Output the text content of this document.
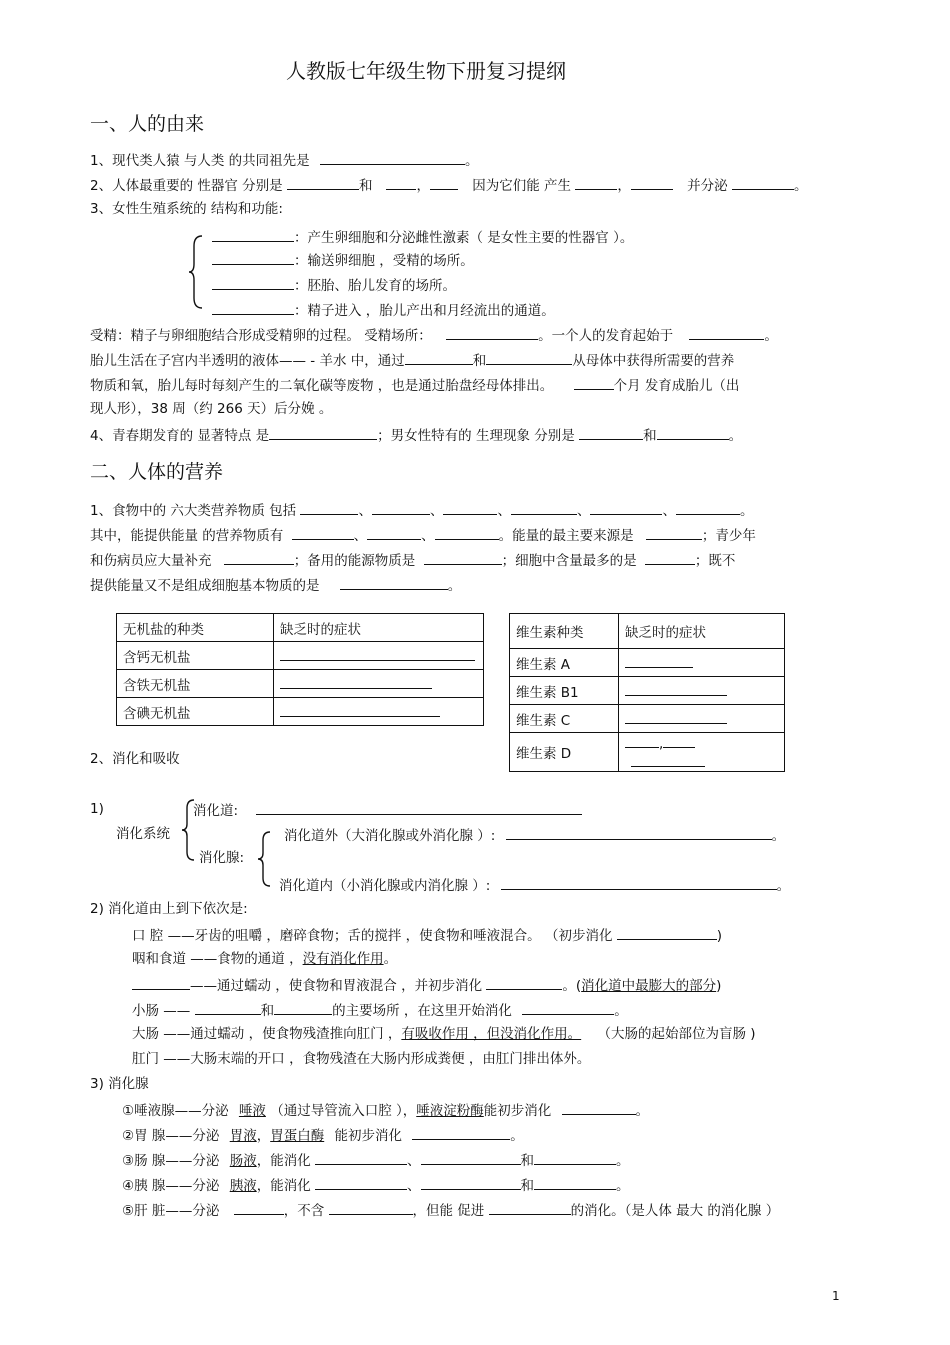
人教版七年级生物下册复习提纲
一、人的由来
1、现代类人猿 与人类 的共同祖先是	。
2、人体最重要的 性器官 分别是	和	，	因为它们能 产生	，	并分泌	。
3、女性生殖系统的 结构和功能:
：产生卵细胞和分泌雌性激素（ 是女性主要的性器官 ）。
：输送卵细胞 ，受精的场所。
：胚胎、胎儿发育的场所。
：精子进入 ，胎儿产出和月经流出的通道。
受精：精子与卵细胞结合形成受精卵的过程。 受精场所：	。一个人的发育起始于	。
胎儿生活在子宫内半透明的液体—— - 羊水 中，通过	和	从母体中获得所需要的营养
物质和氧，胎儿每时每刻产生的二氧化碳等废物 ，也是通过胎盘经母体排出。	个月 发育成胎儿（出
现人形），38 周（约 266 天）后分娩 。
4、青春期发育的 显著特点 是	；男女性特有的 生理现象 分别是	和	。
二、人体的营养
1、食物中的 六大类营养物质 包括	、	、	、	、	、	。
其中，能提供能量 的营养物质有	、	、	。能量的最主要来源是	；青少年
和伤病员应大量补充	；备用的能源物质是	；细胞中含量最多的是	；既不
提供能量又不是组成细胞基本物质的是	。
无机盐的种类	缺乏时的症状
含钙无机盐	
含铁无机盐	
含碘无机盐	
维生素种类	缺乏时的症状
维生素 A	
维生素 B1	
维生素 C	
维生素 D	,
2、消化和吸收
1)
消化系统
消化道:
消化腺:
消化道外（大消化腺或外消化腺 ）:	。
消化道内（小消化腺或内消化腺 ）:	。
2) 消化道由上到下依次是:
口 腔 ——牙齿的咀嚼 ，磨碎食物；舌的搅拌 ，使食物和唾液混合。 （初步消化	)
咽和食道 ——食物的通道 ，没有消化作用。
——通过蠕动 ，使食物和胃液混合 ，并初步消化	。(消化道中最膨大的部分)
小肠 ——	和	的主要场所 ，在这里开始消化	。
大肠 ——通过蠕动 ，使食物残渣推向肛门 ，有吸收作用 ，但没消化作用。 （大肠的起始部位为盲肠 )
肛门 ——大肠末端的开口 ，食物残渣在大肠内形成粪便 ，由肛门排出体外。
3) 消化腺
①唾液腺——分泌 唾液 （通过导管流入口腔 ），唾液淀粉酶能初步消化	。
②胃 腺——分泌 胃液，胃蛋白酶 能初步消化	。
③肠 腺——分泌 肠液，能消化	、	和	。
④胰 腺——分泌 胰液，能消化	、	和	。
⑤肝 脏——分泌	，不含	，但能 促进	的消化。（是人体 最大 的消化腺 ）
1
